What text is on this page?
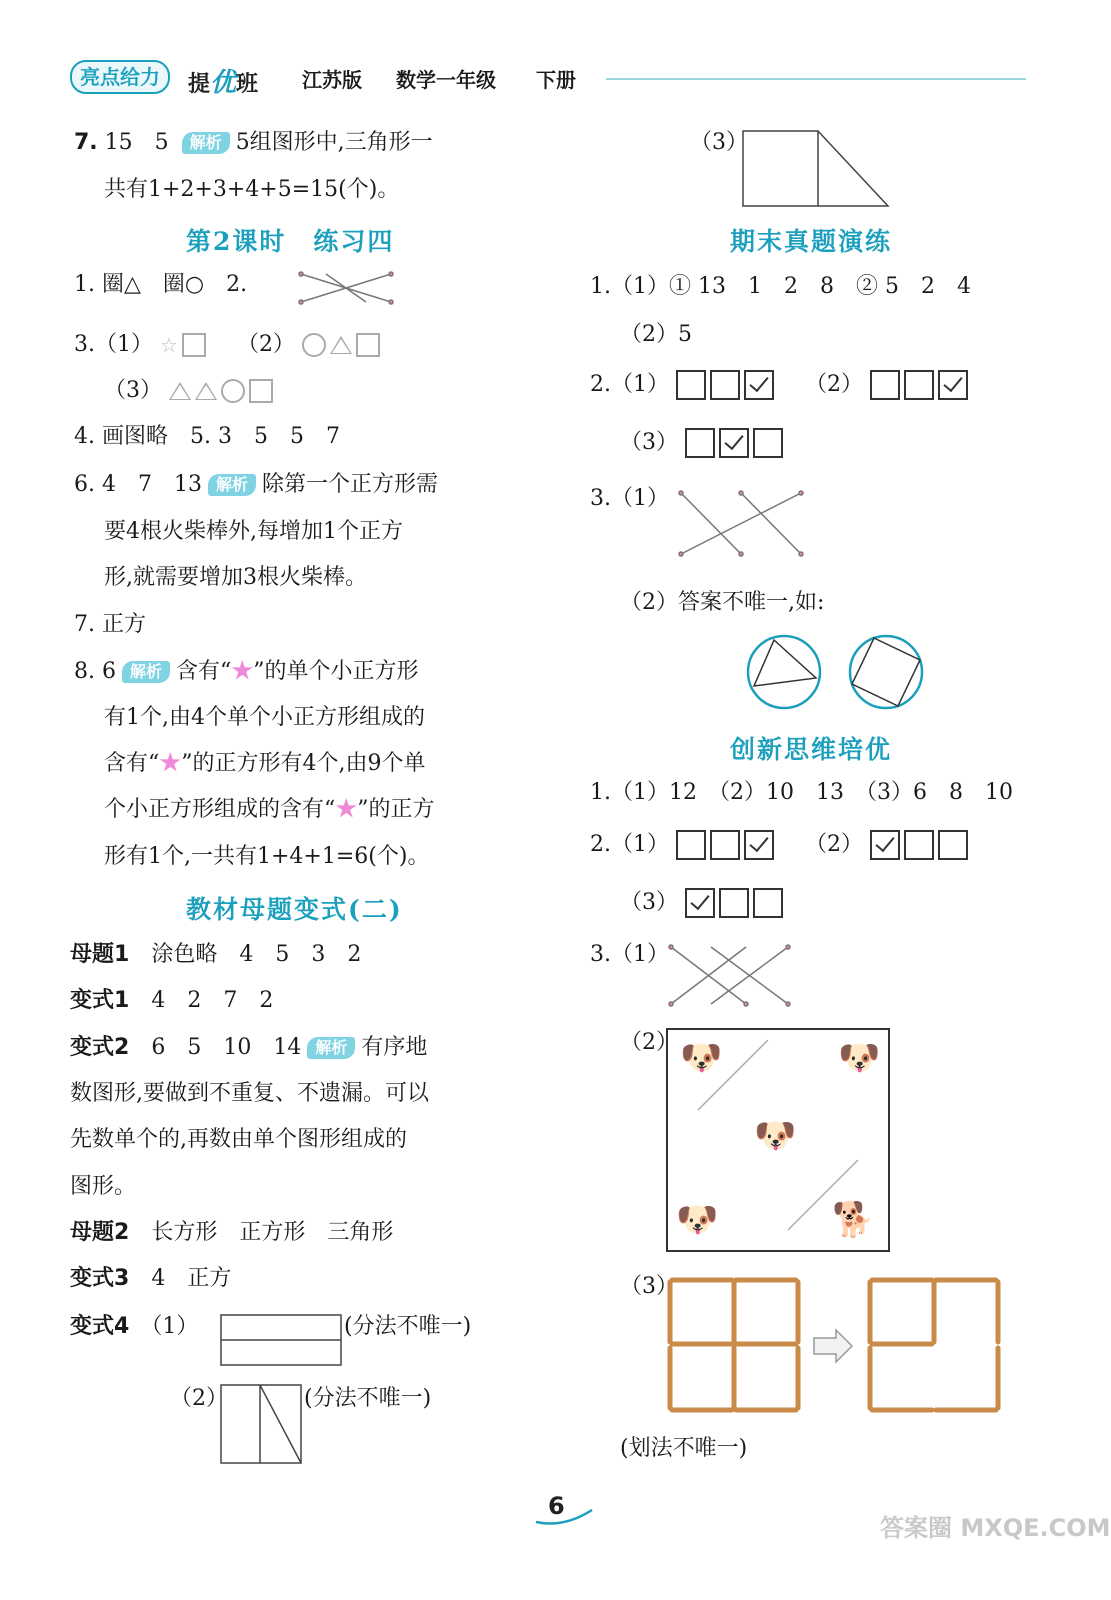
亮点给力	提优班 江苏版 数学一年级 下册
7. 15　5 解析 5组图形中,三角形一
共有1+2+3+4+5=15(个)。
第2课时　练习四
1. 圈△　圈○　2.
3.（1） ☆	（2）
（3）
4. 画图略　5. 3　5　5　7
6. 4　7　13 解析 除第一个正方形需
要4根火柴棒外,每增加1个正方
形,就需要增加3根火柴棒。
7. 正方
8. 6 解析 含有“★”的单个小正方形
有1个,由4个单个小正方形组成的
含有“★”的正方形有4个,由9个单
个小正方形组成的含有“★”的正方
形有1个,一共有1+4+1=6(个)。
教材母题变式(二)
母题1　 涂色略　4　5　3　2
变式1　 4　2　7　2
变式2　 6　5　10　14 解析 有序地
数图形,要做到不重复、不遗漏。可以
先数单个的,再数由单个图形组成的
图形。
母题2　 长方形　正方形　三角形
变式3　 4　正方
变式4　 （1）	(分法不唯一)
（2）	(分法不唯一)
（3）
期末真题演练
1.（1）① 13　1　2　8　② 5　2　4
（2）5
2.（1）	（2）
（3）
3.（1）
（2）答案不唯一,如:
创新思维培优
1.（1）12　（2）10　13　（3）6　8　10
2.（1）	（2）
（3）
3.（1）
（2） 🐶	🐶
🐶
🐶	🐕
（3）
(划法不唯一)
6
答案圈 MXQE.COM
